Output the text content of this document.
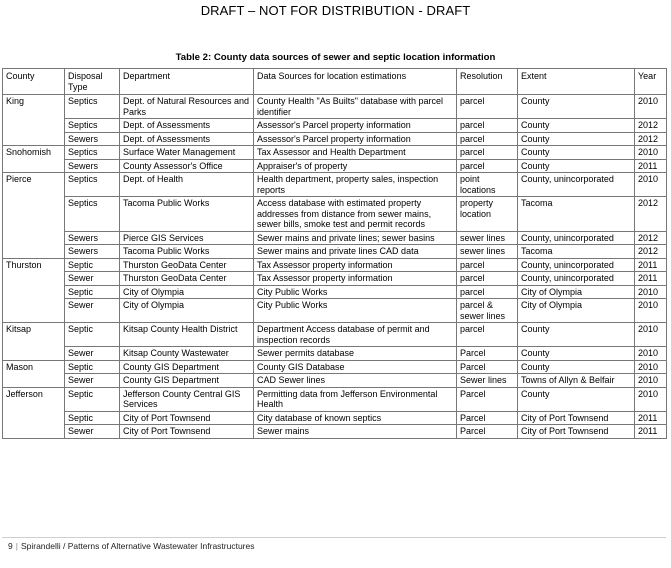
DRAFT – NOT FOR DISTRIBUTION - DRAFT
Table 2: County data sources of sewer and septic location information
County	Disposal Type	Department	Data Sources for location estimations	Resolution	Extent	Year
King	Septics	Dept. of Natural Resources and Parks	County Health "As Builts" database with parcel identifier	parcel	County	2010
	Septics	Dept. of Assessments	Assessor's Parcel property information	parcel	County	2012
	Sewers	Dept. of Assessments	Assessor's Parcel property information	parcel	County	2012
Snohomish	Septics	Surface Water Management	Tax Assessor and Health Department	parcel	County	2010
	Sewers	County Assessor's Office	Appraiser's of property	parcel	County	2011
Pierce	Septics	Dept. of Health	Health department, property sales, inspection reports	point locations	County, unincorporated	2010
	Septics	Tacoma Public Works	Access database with estimated property addresses from distance from sewer mains, sewer bills, smoke test and permit records	property location	Tacoma	2012
	Sewers	Pierce GIS Services	Sewer mains and private lines; sewer basins	sewer lines	County, unincorporated	2012
	Sewers	Tacoma Public Works	Sewer mains and private lines CAD data	sewer lines	Tacoma	2012
Thurston	Septic	Thurston GeoData Center	Tax Assessor property information	parcel	County, unincorporated	2011
	Sewer	Thurston GeoData Center	Tax Assessor property information	parcel	County, unincorporated	2011
	Septic	City of Olympia	City Public Works	parcel	City of Olympia	2010
	Sewer	City of Olympia	City Public Works	parcel & sewer lines	City of Olympia	2010
Kitsap	Septic	Kitsap County Health District	Department Access database of permit and inspection records	parcel	County	2010
	Sewer	Kitsap County Wastewater	Sewer permits database	Parcel	County	2010
Mason	Septic	County GIS Department	County GIS Database	Parcel	County	2010
	Sewer	County GIS Department	CAD Sewer lines	Sewer lines	Towns of Allyn & Belfair	2010
Jefferson	Septic	Jefferson County Central GIS Services	Permitting data from Jefferson Environmental Health	Parcel	County	2010
	Septic	City of Port Townsend	City database of known septics	Parcel	City of Port Townsend	2011
	Sewer	City of Port Townsend	Sewer mains	Parcel	City of Port Townsend	2011
9 | Spirandelli / Patterns of Alternative Wastewater Infrastructures
